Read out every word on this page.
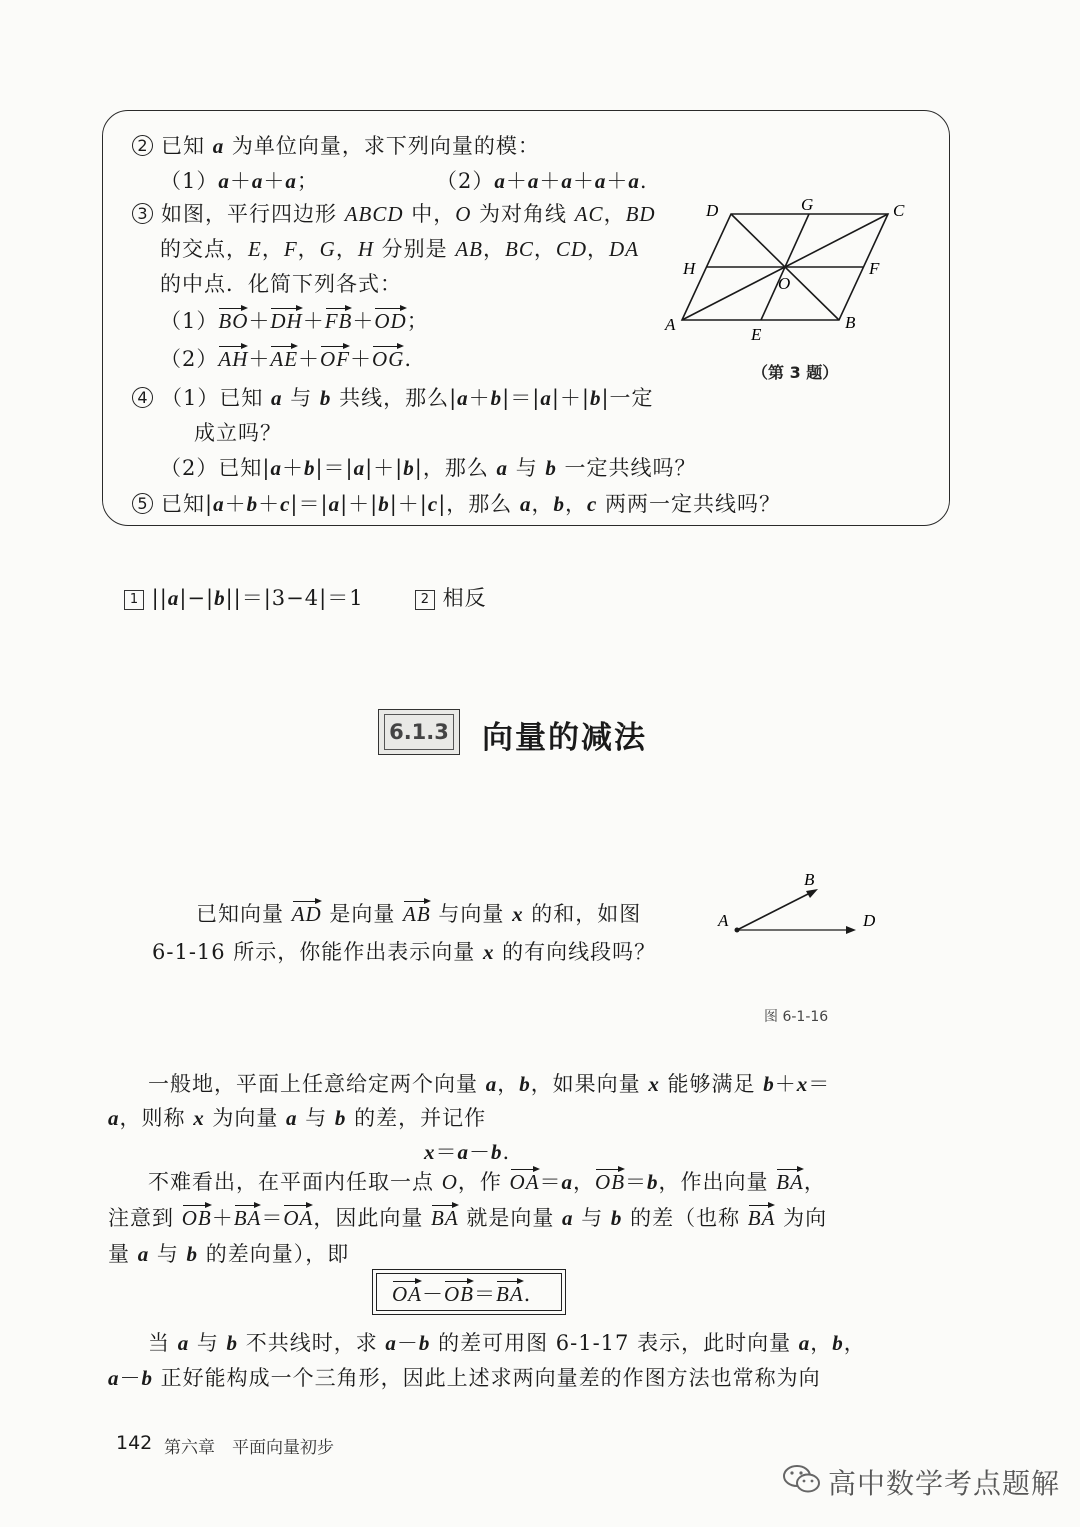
2 已知 a 为单位向量，求下列向量的模：
（1）a＋a＋a；	（2）a＋a＋a＋a＋a.
3 如图，平行四边形 ABCD 中，O 为对角线 AC，BD
的交点，E，F，G，H 分别是 AB，BC，CD，DA
的中点．化简下列各式：
（1）BO＋DH＋FB＋OD；
（2）AH＋AE＋OF＋OG.
4 （1）已知 a 与 b 共线，那么|a＋b|＝|a|＋|b|一定
成立吗？
（2）已知|a＋b|＝|a|＋|b|，那么 a 与 b 一定共线吗？
5 已知|a＋b＋c|＝|a|＋|b|＋|c|，那么 a，b，c 两两一定共线吗？
A	B
C
D
E
F
G
H
O
（第 3 题）
1 ||a|−|b||＝|3−4|＝1	2 相反
6.1.3 向量的减法
已知向量 AD 是向量 AB 与向量 x 的和，如图
6-1-16 所示，你能作出表示向量 x 的有向线段吗？
A
B
D
图 6-1-16
一般地，平面上任意给定两个向量 a，b，如果向量 x 能够满足 b＋x＝
a，则称 x 为向量 a 与 b 的差，并记作
x＝a－b.
不难看出，在平面内任取一点 O，作 OA＝a，OB＝b，作出向量 BA，
注意到 OB＋BA＝OA，因此向量 BA 就是向量 a 与 b 的差（也称 BA 为向
量 a 与 b 的差向量），即
OA－OB＝BA.
当 a 与 b 不共线时，求 a－b 的差可用图 6-1-17 表示，此时向量 a，b，
a－b 正好能构成一个三角形，因此上述求两向量差的作图方法也常称为向
142 第六章 平面向量初步
高中数学考点题解
